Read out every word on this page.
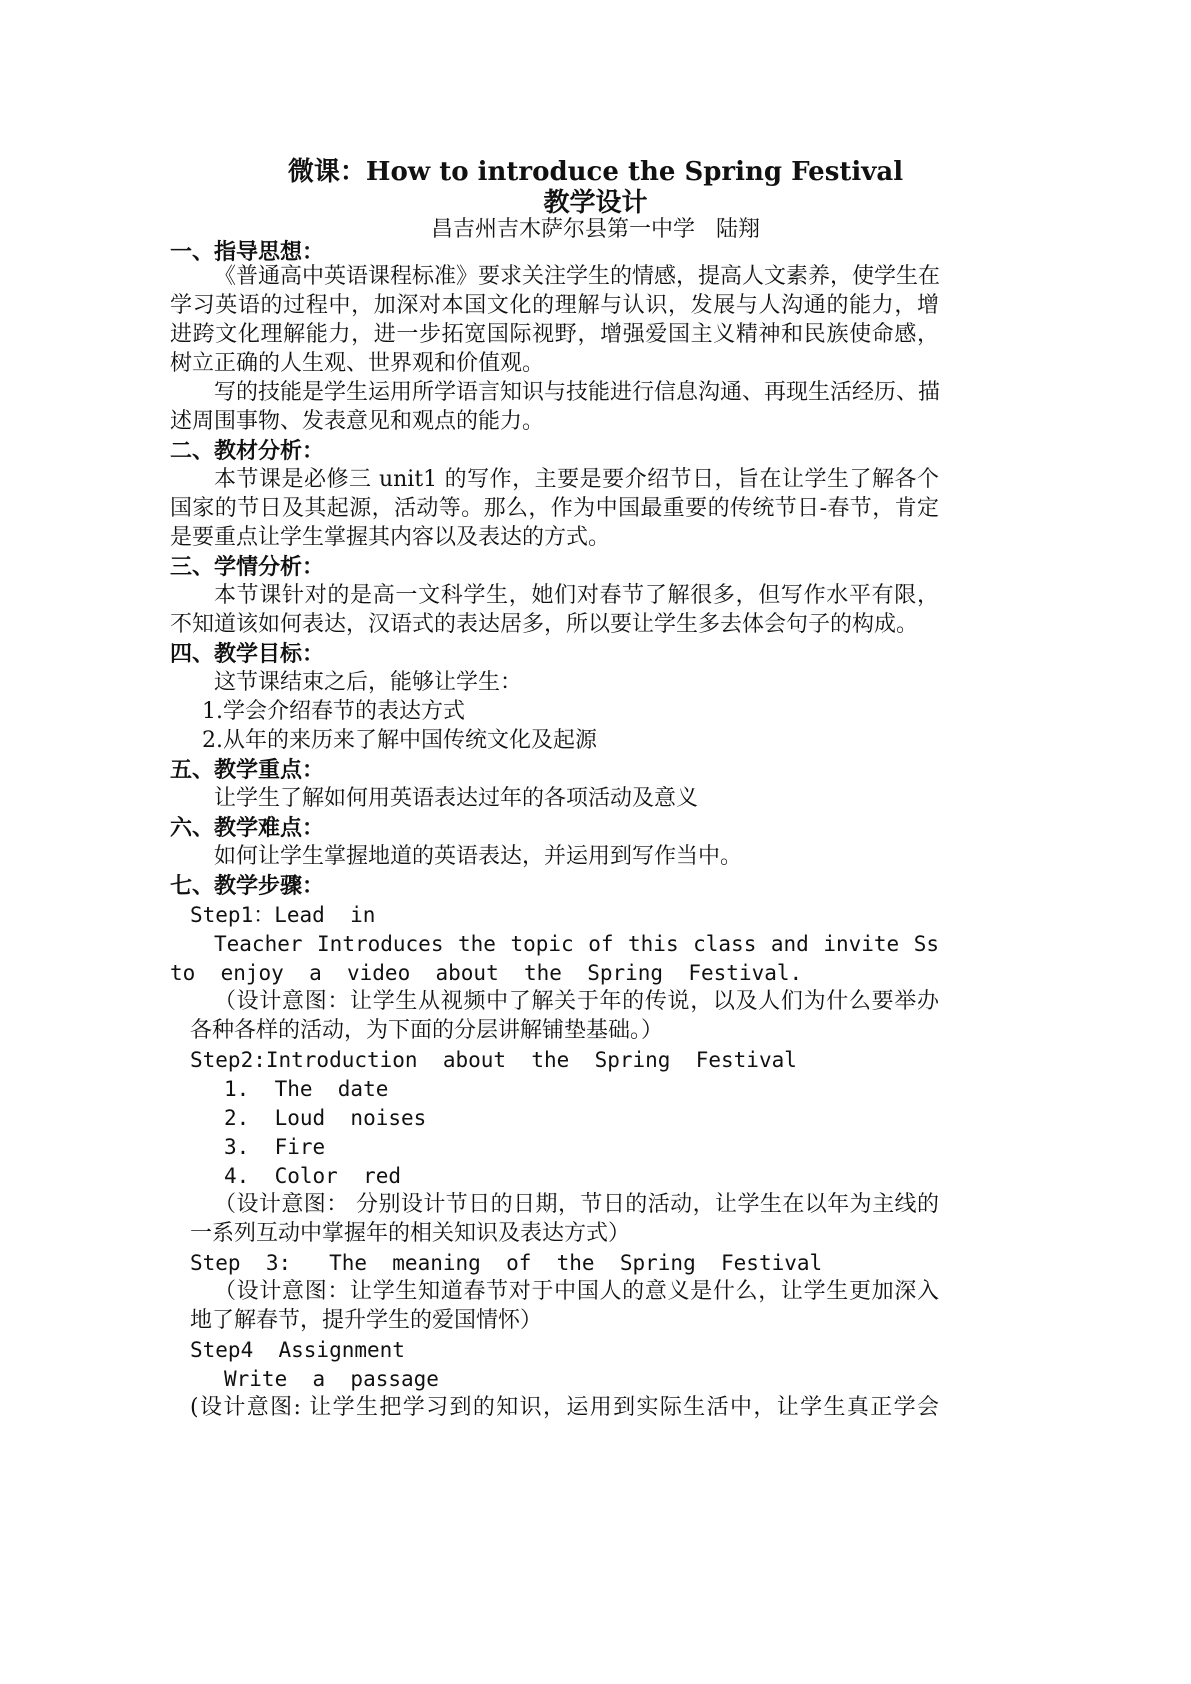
微课：How to introduce the Spring Festival
教学设计
昌吉州吉木萨尔县第一中学   陆翔
一、指导思想：
《普通高中英语课程标准》要求关注学生的情感，提高人文素养，使学生在
学习英语的过程中，加深对本国文化的理解与认识，发展与人沟通的能力，增
进跨文化理解能力，进一步拓宽国际视野，增强爱国主义精神和民族使命感，
树立正确的人生观、世界观和价值观。
写的技能是学生运用所学语言知识与技能进行信息沟通、再现生活经历、描
述周围事物、发表意见和观点的能力。
二、教材分析：
本节课是必修三 unit1 的写作，主要是要介绍节日，旨在让学生了解各个
国家的节日及其起源，活动等。那么，作为中国最重要的传统节日-春节，肯定
是要重点让学生掌握其内容以及表达的方式。
三、学情分析：
本节课针对的是高一文科学生，她们对春节了解很多，但写作水平有限，
不知道该如何表达，汉语式的表达居多，所以要让学生多去体会句子的构成。
四、教学目标：
这节课结束之后，能够让学生：
1.学会介绍春节的表达方式
2.从年的来历来了解中国传统文化及起源
五、教学重点：
让学生了解如何用英语表达过年的各项活动及意义
六、教学难点：
如何让学生掌握地道的英语表达，并运用到写作当中。
七、教学步骤：
Step1：Lead  in
Teacher Introduces the topic of this class and invite Ss
to  enjoy  a  video  about  the  Spring  Festival.
（设计意图：让学生从视频中了解关于年的传说，以及人们为什么要举办
各种各样的活动，为下面的分层讲解铺垫基础。）
Step2:Introduction  about  the  Spring  Festival
1.  The  date
2.  Loud  noises
3.  Fire
4.  Color  red
（设计意图： 分别设计节日的日期，节日的活动，让学生在以年为主线的
一系列互动中掌握年的相关知识及表达方式）
Step  3:   The  meaning  of  the  Spring  Festival
（设计意图：让学生知道春节对于中国人的意义是什么，让学生更加深入
地了解春节，提升学生的爱国情怀）
Step4  Assignment
Write  a  passage
(设计意图: 让学生把学习到的知识，运用到实际生活中，让学生真正学会
